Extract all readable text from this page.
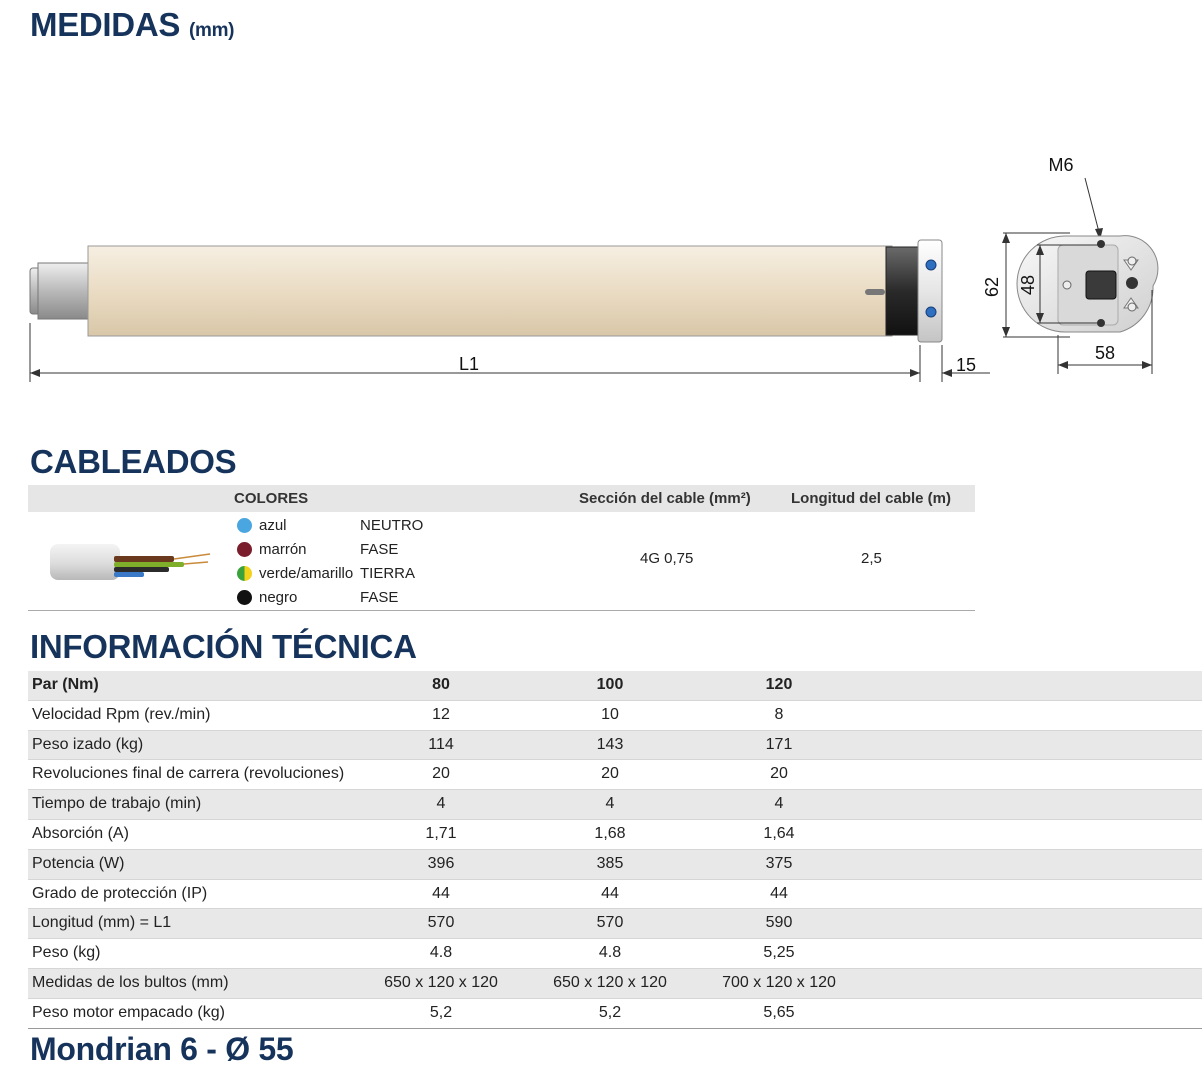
MEDIDAS (mm)
L1	15
M6
62 48
58
CABLEADOS
COLORES	Sección del cable (mm²)	Longitud del cable (m)
azul	NEUTRO
marrón	FASE
verde/amarillo TIERRA
negro	FASE
4G 0,75	2,5
INFORMACIÓN TÉCNICA
Par (Nm)	80	100	120
Velocidad Rpm (rev./min)	12	10	8
Peso izado (kg)	114	143	171
Revoluciones final de carrera (revoluciones)	20	20	20
Tiempo de trabajo (min)	4	4	4
Absorción (A)	1,71	1,68	1,64
Potencia (W)	396	385	375
Grado de protección (IP)	44	44	44
Longitud (mm) = L1	570	570	590
Peso (kg)	4.8	4.8	5,25
Medidas de los bultos (mm)	650 x 120 x 120	650 x 120 x 120	700 x 120 x 120
Peso motor empacado (kg)	5,2	5,2	5,65
Mondrian 6 - Ø 55
